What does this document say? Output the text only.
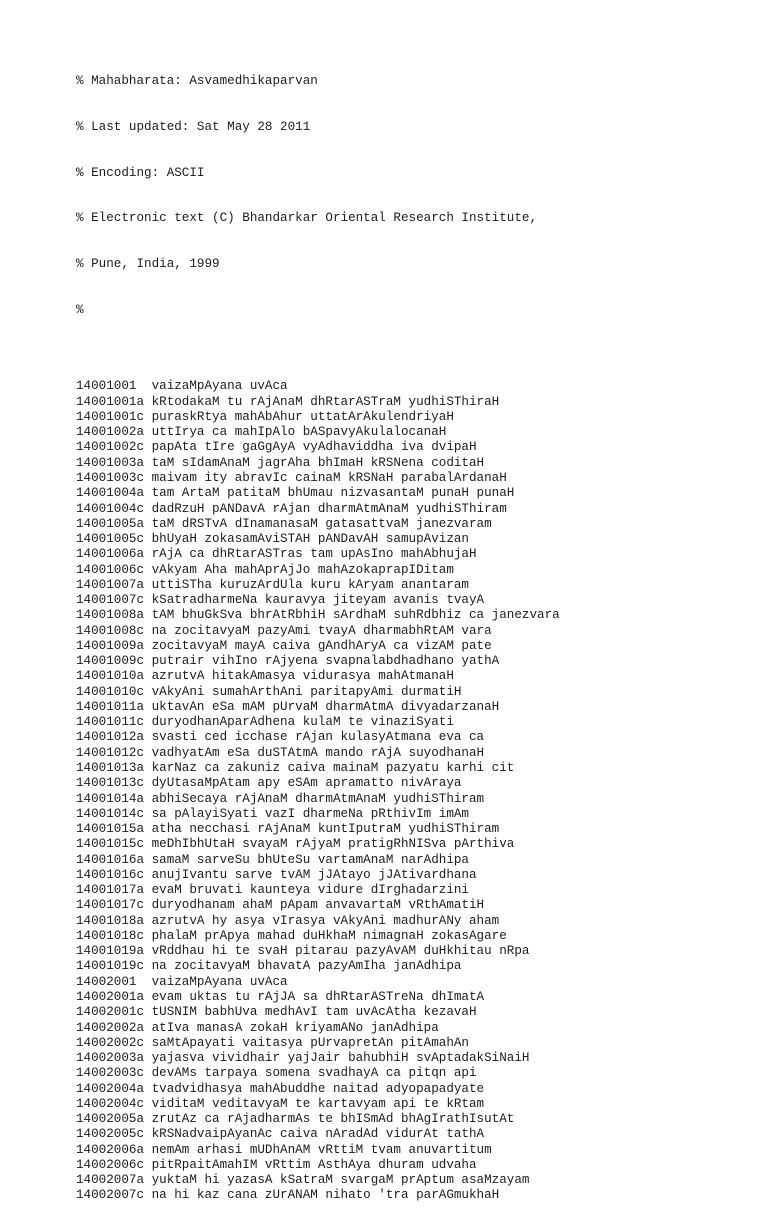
% Mahabharata: Asvamedhikaparvan

% Last updated: Sat May 28 2011

% Encoding: ASCII

% Electronic text (C) Bhandarkar Oriental Research Institute,

% Pune, India, 1999

%

14001001  vaizaMpAyana uvAca
14001001a kRtodakaM tu rAjAnaM dhRtarASTraM yudhiSThiraH
14001001c puraskRtya mahAbAhur uttatArAkulendriyaH
14001002a uttIrya ca mahIpAlo bASpavyAkulalocanaH
14001002c papAta tIre gaGgAyA vyAdhaviddha iva dvipaH
14001003a taM sIdamAnaM jagrAha bhImaH kRSNena coditaH
14001003c maivam ity abravIc cainaM kRSNaH parabalArdanaH
14001004a tam ArtaM patitaM bhUmau nizvasantaM punaH punaH
14001004c dadRzuH pANDavA rAjan dharmAtmAnaM yudhiSThiram
14001005a taM dRSTvA dInamanasaM gatasattvaM janezvaram
14001005c bhUyaH zokasamAviSTAH pANDavAH samupAvizan
14001006a rAjA ca dhRtarASTras tam upAsIno mahAbhujaH
14001006c vAkyam Aha mahAprAjJo mahAzokaprapIDitam
14001007a uttiSTha kuruzArdUla kuru kAryam anantaram
14001007c kSatradharmeNa kauravya jiteyam avanis tvayA
14001008a tAM bhuGkSva bhrAtRbhiH sArdhaM suhRdbhiz ca janezvara
14001008c na zocitavyaM pazyAmi tvayA dharmabhRtAM vara
14001009a zocitavyaM mayA caiva gAndhAryA ca vizAM pate
14001009c putrair vihIno rAjyena svapnalabdhadhano yathA
14001010a azrutvA hitakAmasya vidurasya mahAtmanaH
14001010c vAkyAni sumahArthAni paritapyAmi durmatiH
14001011a uktavAn eSa mAM pUrvaM dharmAtmA divyadarzanaH
14001011c duryodhanAparAdhena kulaM te vinaziSyati
14001012a svasti ced icchase rAjan kulasyAtmana eva ca
14001012c vadhyatAm eSa duSTAtmA mando rAjA suyodhanaH
14001013a karNaz ca zakuniz caiva mainaM pazyatu karhi cit
14001013c dyUtasaMpAtam apy eSAm apramatto nivAraya
14001014a abhiSecaya rAjAnaM dharmAtmAnaM yudhiSThiram
14001014c sa pAlayiSyati vazI dharmeNa pRthivIm imAm
14001015a atha necchasi rAjAnaM kuntIputraM yudhiSThiram
14001015c meDhIbhUtaH svayaM rAjyaM pratigRhNISva pArthiva
14001016a samaM sarveSu bhUteSu vartamAnaM narAdhipa
14001016c anujIvantu sarve tvAM jJAtayo jJAtivardhana
14001017a evaM bruvati kaunteya vidure dIrghadarzini
14001017c duryodhanam ahaM pApam anvavartaM vRthAmatiH
14001018a azrutvA hy asya vIrasya vAkyAni madhurANy aham
14001018c phalaM prApya mahad duHkhaM nimagnaH zokasAgare
14001019a vRddhau hi te svaH pitarau pazyAvAM duHkhitau nRpa
14001019c na zocitavyaM bhavatA pazyAmIha janAdhipa
14002001  vaizaMpAyana uvAca
14002001a evam uktas tu rAjJA sa dhRtarASTreNa dhImatA
14002001c tUSNIM babhUva medhAvI tam uvAcAtha kezavaH
14002002a atIva manasA zokaH kriyamANo janAdhipa
14002002c saMtApayati vaitasya pUrvapretAn pitAmahAn
14002003a yajasva vividhair yajJair bahubhiH svAptadakSiNaiH
14002003c devAMs tarpaya somena svadhayA ca pitqn api
14002004a tvadvidhasya mahAbuddhe naitad adyopapadyate
14002004c viditaM veditavyaM te kartavyam api te kRtam
14002005a zrutAz ca rAjadharmAs te bhISmAd bhAgIrathIsutAt
14002005c kRSNadvaipAyanAc caiva nAradAd vidurAt tathA
14002006a nemAm arhasi mUDhAnAM vRttiM tvam anuvartitum
14002006c pitRpaitAmahIM vRttim AsthAya dhuram udvaha
14002007a yuktaM hi yazasA kSatraM svargaM prAptum asaMzayam
14002007c na hi kaz cana zUrANAM nihato 'tra parAGmukhaH
